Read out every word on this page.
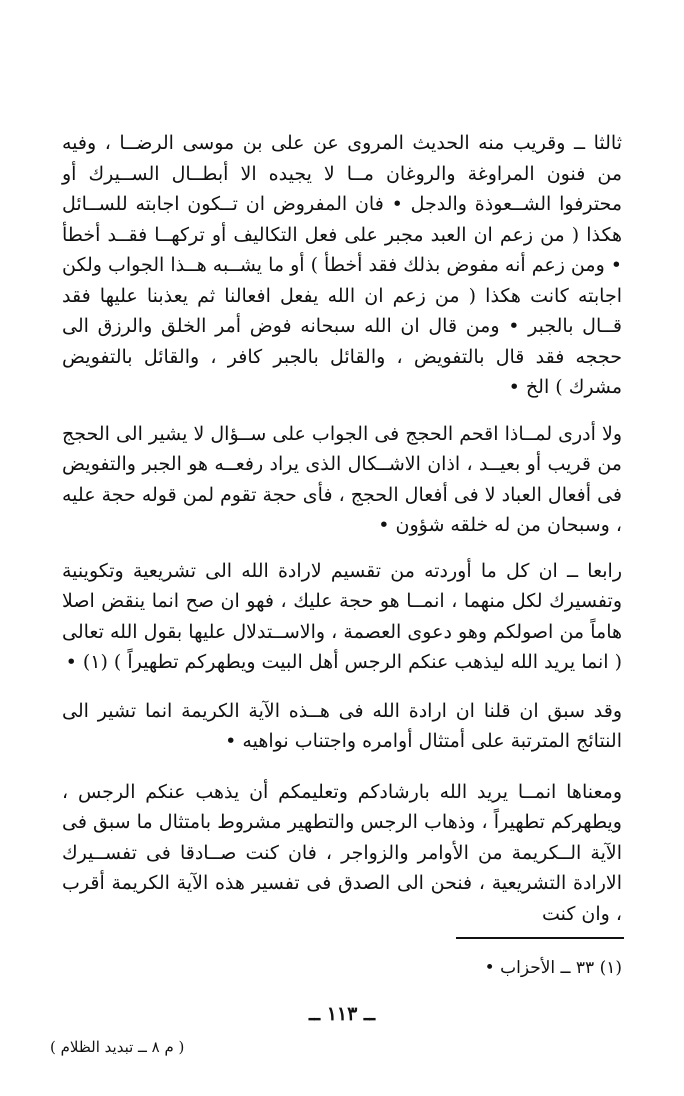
ثالثا ــ وقريب منه الحديث المروى عن على بن موسى الرضــا ، وفيه من فنون المراوغة والروغان مــا لا يجيده الا أبطــال الســيرك أو محترفوا الشــعوذة والدجل • فان المفروض ان تــكون اجابته للســائل هكذا ( من زعم ان العبد مجبر على فعل التكاليف أو تركهــا فقــد أخطأ • ومن زعم أنه مفوض بذلك فقد أخطأ ) أو ما يشــبه هــذا الجواب ولكن اجابته كانت هكذا ( من زعم ان الله يفعل افعالنا ثم يعذبنا عليها فقد قــال بالجبر • ومن قال ان الله سبحانه فوض أمر الخلق والرزق الى حججه فقد قال بالتفويض ، والقائل بالجبر كافر ، والقائل بالتفويض مشرك ) الخ •

ولا أدرى لمــاذا اقحم الحجج فى الجواب على ســؤال لا يشير الى الحجج من قريب أو بعيــد ، اذان الاشــكال الذى يراد رفعــه هو الجبر والتفويض فى أفعال العباد لا فى أفعال الحجج ، فأى حجة تقوم لمن قوله حجة عليه ، وسبحان من له خلقه شؤون •

رابعا ــ ان كل ما أوردته من تقسيم لارادة الله الى تشريعية وتكوينية وتفسيرك لكل منهما ، انمــا هو حجة عليك ، فهو ان صح انما ينقض اصلا هاماً من اصولكم وهو دعوى العصمة ، والاســتدلال عليها بقول الله تعالى ( انما يريد الله ليذهب عنكم الرجس أهل البيت ويطهركم تطهيراً ) (١) •

وقد سبق ان قلنا ان ارادة الله فى هــذه الآية الكريمة انما تشير الى النتائج المترتبة على أمتثال أوامره واجتناب نواهيه •

ومعناها انمــا يريد الله بارشادكم وتعليمكم أن يذهب عنكم الرجس ، ويطهركم تطهيراً ، وذهاب الرجس والتطهير مشروط بامتثال ما سبق فى الآية الــكريمة من الأوامر والزواجر ، فان كنت صــادقا فى تفســيرك الارادة التشريعية ، فنحن الى الصدق فى تفسير هذه الآية الكريمة أقرب ، وان كنت

(١) ٣٣ ــ الأحزاب •
ــ ١١٣ ــ
( م ٨ ــ تبديد الظلام )
